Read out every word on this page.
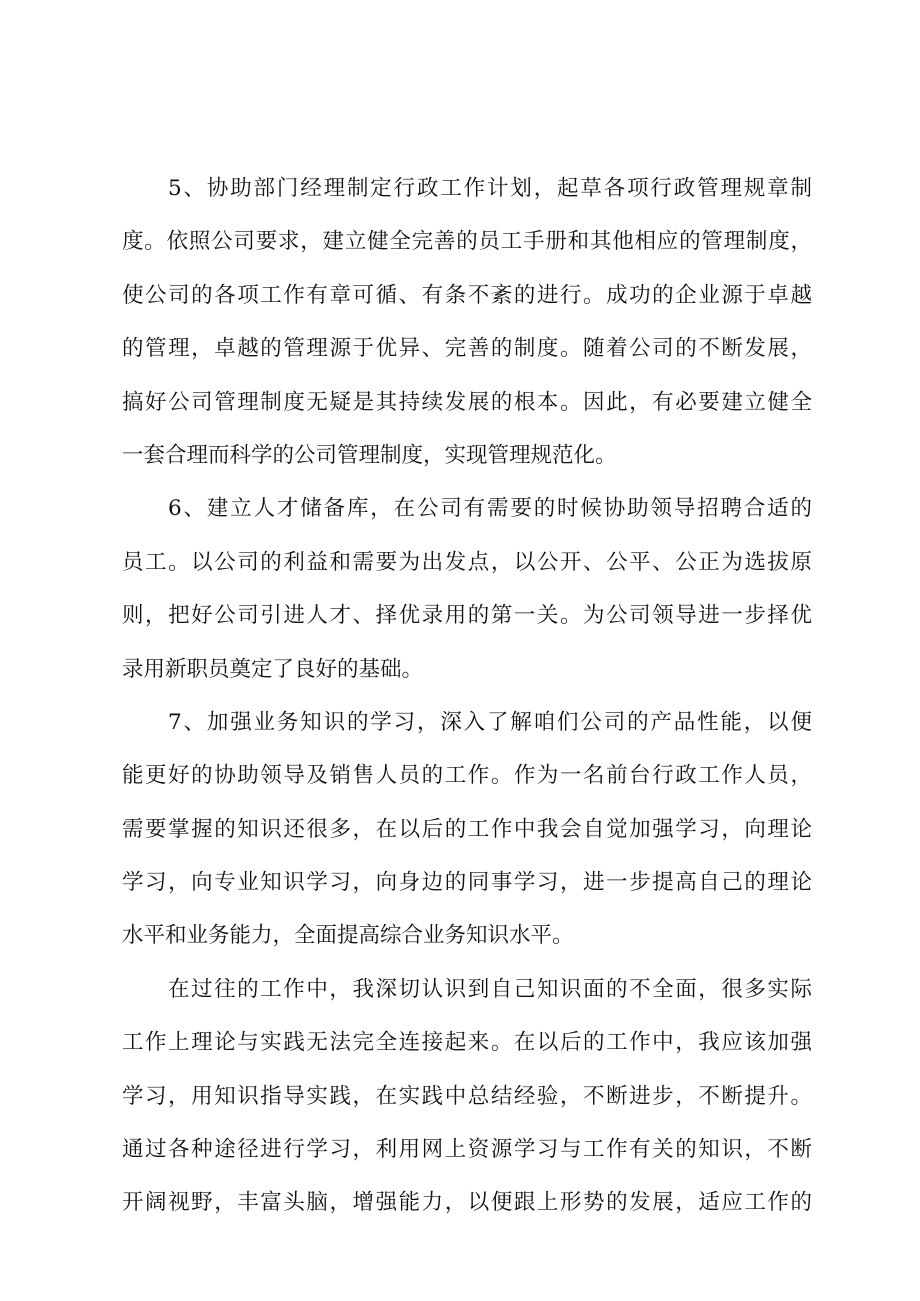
5、协助部门经理制定行政工作计划，起草各项行政管理规章制
度。依照公司要求，建立健全完善的员工手册和其他相应的管理制度，
使公司的各项工作有章可循、有条不紊的进行。成功的企业源于卓越
的管理，卓越的管理源于优异、完善的制度。随着公司的不断发展，
搞好公司管理制度无疑是其持续发展的根本。因此，有必要建立健全
一套合理而科学的公司管理制度，实现管理规范化。
6、建立人才储备库，在公司有需要的时候协助领导招聘合适的
员工。以公司的利益和需要为出发点，以公开、公平、公正为选拔原
则，把好公司引进人才、择优录用的第一关。为公司领导进一步择优
录用新职员奠定了良好的基础。
7、加强业务知识的学习，深入了解咱们公司的产品性能，以便
能更好的协助领导及销售人员的工作。作为一名前台行政工作人员，
需要掌握的知识还很多，在以后的工作中我会自觉加强学习，向理论
学习，向专业知识学习，向身边的同事学习，进一步提高自己的理论
水平和业务能力，全面提高综合业务知识水平。
在过往的工作中，我深切认识到自己知识面的不全面，很多实际
工作上理论与实践无法完全连接起来。在以后的工作中，我应该加强
学习，用知识指导实践，在实践中总结经验，不断进步，不断提升。
通过各种途径进行学习，利用网上资源学习与工作有关的知识，不断
开阔视野，丰富头脑，增强能力，以便跟上形势的发展，适应工作的
